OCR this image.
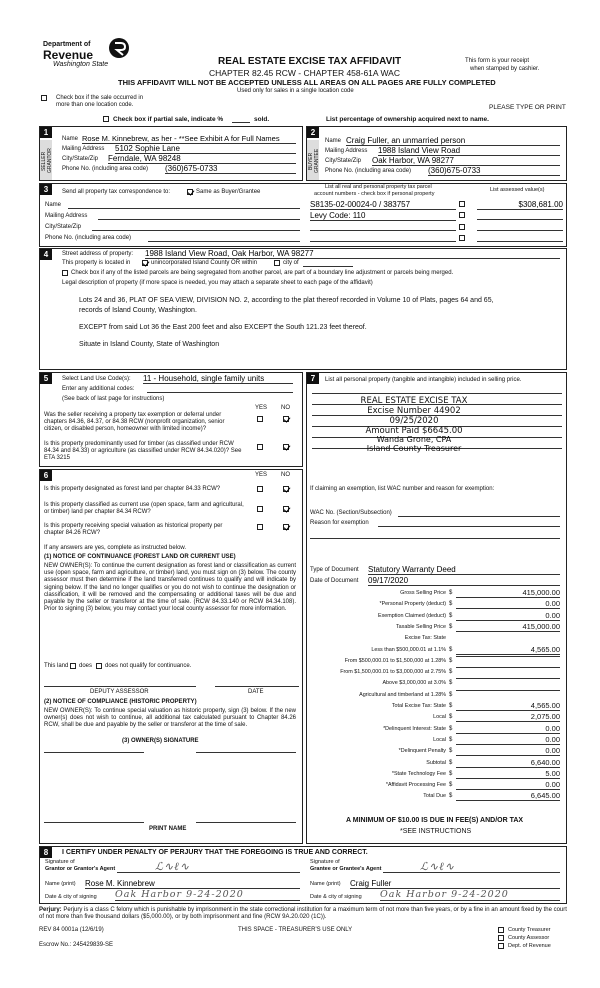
Department of
Revenue
Washington State	REAL ESTATE EXCISE TAX AFFIDAVIT
CHAPTER 82.45 RCW - CHAPTER 458-61A WAC
THIS AFFIDAVIT WILL NOT BE ACCEPTED UNLESS ALL AREAS ON ALL PAGES ARE FULLY COMPLETED
Used only for sales in a single location code
This form is your receipt
when stamped by cashier.
Check box if the sale occurred in
more than one location code.	PLEASE TYPE OR PRINT
Check box if partial sale, indicate %	sold.	List percentage of ownership acquired next to name.
1
SELLER GRANTOR
Name Rose M. Kinnebrew, as her - **See Exhibit A for Full Names
Mailing Address 5102 Sophie Lane
City/State/Zip Ferndale, WA 98248
Phone No. (including area code) (360)675-0733
2
BUYER GRANTEE
Name Craig Fuller, an unmarried person
Mailing Address 1988 Island View Road
City/State/Zip Oak Harbor, WA 98277
Phone No. (including area code) (360)675-0733
3	Send all property tax correspondence to:	Same as Buyer/Grantee
Name
Mailing Address
City/State/Zip
Phone No. (including area code)
List all real and personal property tax parcel
account numbers - check box if personal property
List assessed value(s)
S8135-02-00024-0 / 383757	$308,681.00
Levy Code: 110
4	Street address of property: 1988 Island View Road, Oak Harbor, WA 98277
This property is located in	unincorporated Island County OR within	city of
Check box if any of the listed parcels are being segregated from another parcel, are part of a boundary line adjustment or parcels being merged.
Legal description of property (if more space is needed, you may attach a separate sheet to each page of the affidavit)
Lots 24 and 36, PLAT OF SEA VIEW, DIVISION NO. 2, according to the plat thereof recorded in Volume 10 of Plats, pages 64 and 65,
records of Island County, Washington.
EXCEPT from said Lot 36 the East 200 feet and also EXCEPT the South 121.23 feet thereof.
Situate in Island County, State of Washington
5	Select Land Use Code(s): 11 - Household, single family units
Enter any additional codes:
(See back of last page for instructions)
YES NO
Was the seller receiving a property tax exemption or deferral under chapters 84.36, 84.37, or 84.38 RCW (nonprofit organization, senior citizen, or disabled person, homeowner with limited income)?
Is this property predominantly used for timber (as classified under RCW 84.34 and 84.33) or agriculture (as classified under RCW 84.34.020)? See ETA 3215
6	YES NO
Is this property designated as forest land per chapter 84.33 RCW?
Is this property classified as current use (open space, farm and agricultural, or timber) land per chapter 84.34 RCW?
Is this property receiving special valuation as historical property per chapter 84.26 RCW?
If any answers are yes, complete as instructed below.
(1) NOTICE OF CONTINUANCE (FOREST LAND OR CURRENT USE)
NEW OWNER(S): To continue the current designation as forest land or classification as current use (open space, farm and agriculture, or timber) land, you must sign on (3) below. The county assessor must then determine if the land transferred continues to qualify and will indicate by signing below. If the land no longer qualifies or you do not wish to continue the designation or classification, it will be removed and the compensating or additional taxes will be due and payable by the seller or transferor at the time of sale. (RCW 84.33.140 or RCW 84.34.108). Prior to signing (3) below, you may contact your local county assessor for more information.
This land does does not qualify for continuance.
DEPUTY ASSESSOR	DATE
(2) NOTICE OF COMPLIANCE (HISTORIC PROPERTY)
NEW OWNER(S): To continue special valuation as historic property, sign (3) below. If the new owner(s) does not wish to continue, all additional tax calculated pursuant to Chapter 84.26 RCW, shall be due and payable by the seller or transferor at the time of sale.
(3) OWNER(S) SIGNATURE
PRINT NAME
7	List all personal property (tangible and intangible) included in selling price.
REAL ESTATE EXCISE TAX
Excise Number 44902
09/25/2020
Amount Paid $6645.00
Wanda Grone, CPA
Island County Treasurer
If claiming an exemption, list WAC number and reason for exemption:
WAC No. (Section/Subsection)
Reason for exemption
Type of Document Statutory Warranty Deed
Date of Document 09/17/2020
Gross Selling Price $	415,000.00
*Personal Property (deduct) $	0.00
Exemption Claimed (deduct) $	0.00
Taxable Selling Price $	415,000.00
Excise Tax: State
Less than $500,000.01 at 1.1% $	4,565.00
From $500,000.01 to $1,500,000 at 1.28% $
From $1,500,000.01 to $3,000,000 at 2.75% $
Above $3,000,000 at 3.0% $
Agricultural and timberland at 1.28% $
Total Excise Tax: State $	4,565.00
Local $	2,075.00
*Delinquent Interest: State $	0.00
Local $	0.00
*Delinquent Penalty $	0.00
Subtotal $	6,640.00
*State Technology Fee $	5.00
*Affidavit Processing Fee $	0.00
Total Due $	6,645.00
A MINIMUM OF $10.00 IS DUE IN FEE(S) AND/OR TAX
*SEE INSTRUCTIONS
8	I CERTIFY UNDER PENALTY OF PERJURY THAT THE FOREGOING IS TRUE AND CORRECT.
Signature of
Grantor or Grantor's Agent	ℒ∿ℓ∿
Name (print) Rose M. Kinnebrew
Date & city of signing Oak Harbor 9-24-2020
Signature of
Grantee or Grantee's Agent	ℒ∿ℓ∿
Name (print) Craig Fuller
Date & city of signing Oak Harbor 9-24-2020
Perjury: Perjury is a class C felony which is punishable by imprisonment in the state correctional institution for a maximum term of not more than five years, or by a fine in an amount fixed by the court of not more than five thousand dollars ($5,000.00), or by both imprisonment and fine (RCW 9A.20.020 (1C)).
REV 84 0001a (12/6/19)	THIS SPACE - TREASURER'S USE ONLY
Escrow No.: 245429839-SE
County Treasurer
County Assessor
Dept. of Revenue
